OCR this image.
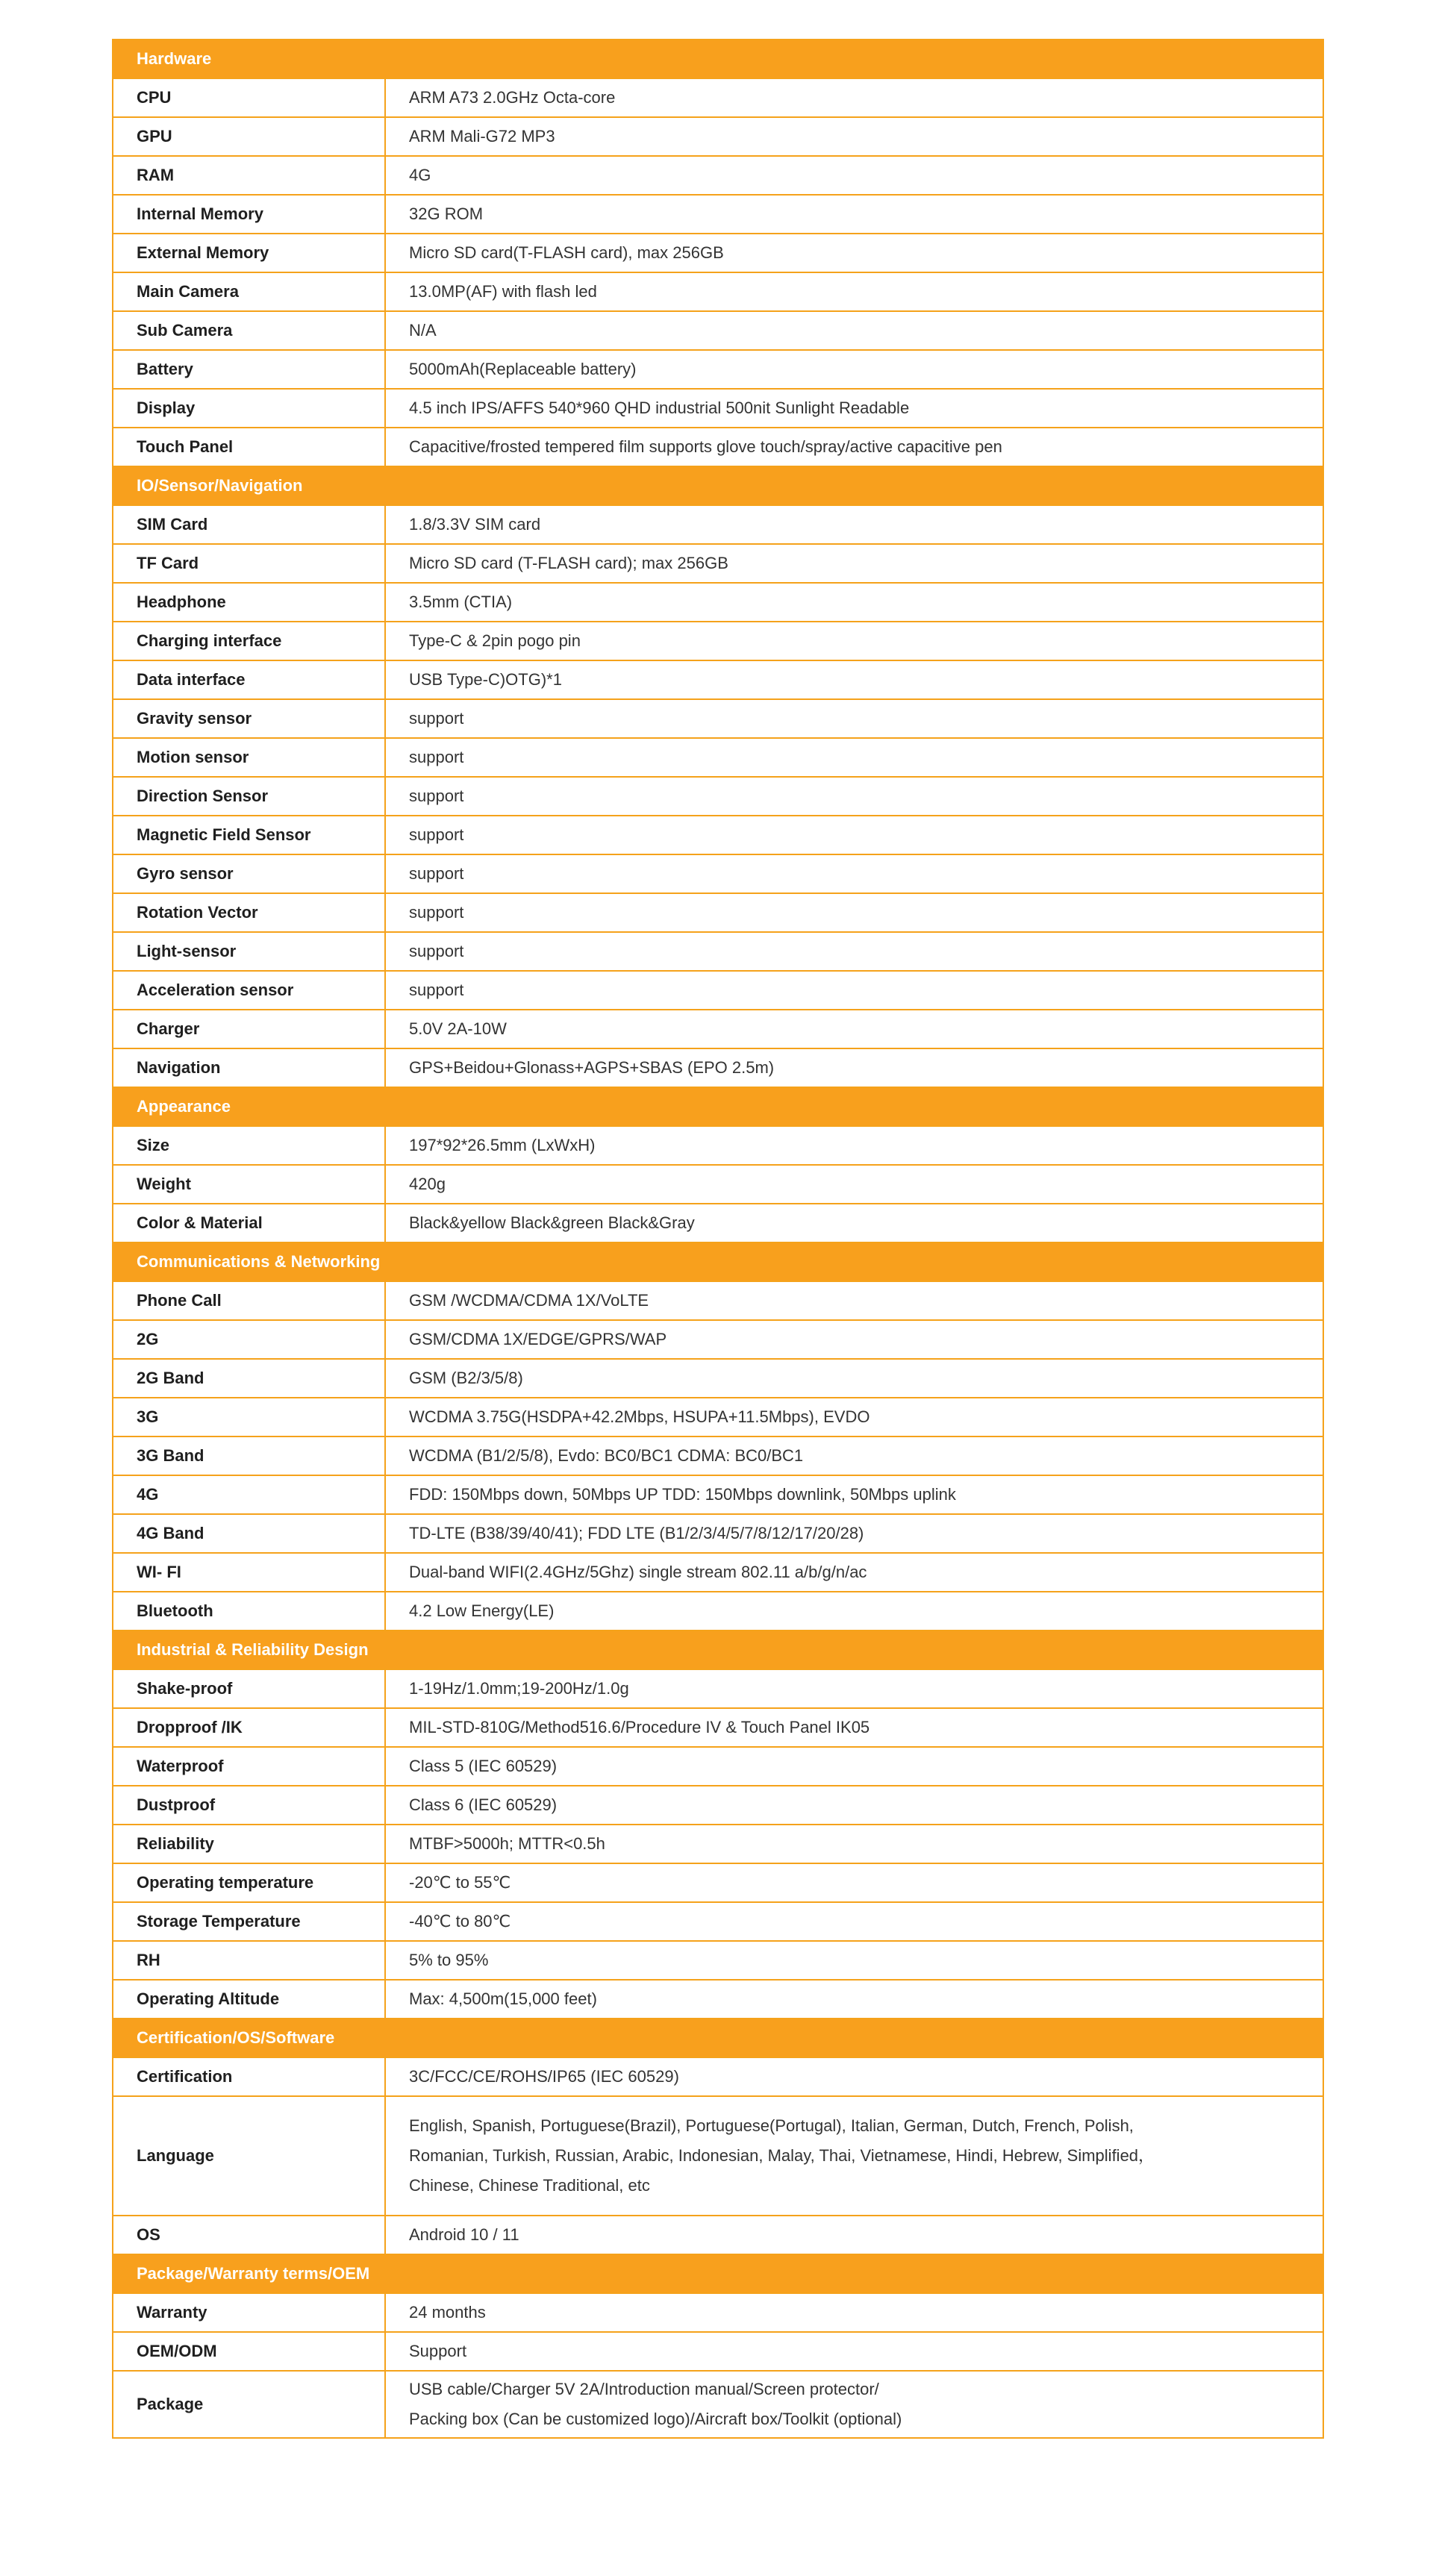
Hardware	
CPU	ARM A73 2.0GHz Octa-core
GPU	ARM Mali-G72 MP3
RAM	4G
Internal Memory	32G ROM
External Memory	Micro SD card(T-FLASH card), max 256GB
Main Camera	13.0MP(AF) with flash led
Sub Camera	N/A
Battery	5000mAh(Replaceable battery)
Display	4.5 inch IPS/AFFS 540*960 QHD industrial 500nit Sunlight Readable
Touch Panel	Capacitive/frosted tempered film supports glove touch/spray/active capacitive pen
IO/Sensor/Navigation	
SIM Card	1.8/3.3V SIM card
TF Card	Micro SD card (T-FLASH card); max 256GB
Headphone	3.5mm (CTIA)
Charging interface	Type-C & 2pin pogo pin
Data interface	USB Type-C)OTG)*1
Gravity sensor	support
Motion sensor	support
Direction Sensor	support
Magnetic Field Sensor	support
Gyro sensor	support
Rotation Vector	support
Light-sensor	support
Acceleration sensor	support
Charger	5.0V 2A-10W
Navigation	GPS+Beidou+Glonass+AGPS+SBAS (EPO 2.5m)
Appearance	
Size	197*92*26.5mm (LxWxH)
Weight	420g
Color & Material	Black&yellow Black&green Black&Gray
Communications & Networking	
Phone Call	GSM /WCDMA/CDMA 1X/VoLTE
2G	GSM/CDMA 1X/EDGE/GPRS/WAP
2G Band	GSM (B2/3/5/8)
3G	WCDMA 3.75G(HSDPA+42.2Mbps, HSUPA+11.5Mbps), EVDO
3G Band	WCDMA (B1/2/5/8), Evdo: BC0/BC1 CDMA: BC0/BC1
4G	FDD: 150Mbps down, 50Mbps UP TDD: 150Mbps downlink, 50Mbps uplink
4G Band	TD-LTE (B38/39/40/41); FDD LTE (B1/2/3/4/5/7/8/12/17/20/28)
WI- FI	Dual-band WIFI(2.4GHz/5Ghz) single stream 802.11 a/b/g/n/ac
Bluetooth	4.2 Low Energy(LE)
Industrial & Reliability Design	
Shake-proof	1-19Hz/1.0mm;19-200Hz/1.0g
Dropproof /IK	MIL-STD-810G/Method516.6/Procedure IV & Touch Panel IK05
Waterproof	Class 5 (IEC 60529)
Dustproof	Class 6 (IEC 60529)
Reliability	MTBF>5000h; MTTR<0.5h
Operating temperature	-20℃ to 55℃
Storage Temperature	-40℃ to 80℃
RH	5% to 95%
Operating Altitude	Max: 4,500m(15,000 feet)
Certification/OS/Software	
Certification	3C/FCC/CE/ROHS/IP65 (IEC 60529)
Language	English, Spanish, Portuguese(Brazil), Portuguese(Portugal), Italian, German, Dutch, French, Polish,
Romanian, Turkish, Russian, Arabic, Indonesian, Malay, Thai, Vietnamese, Hindi, Hebrew, Simplified，
Chinese, Chinese Traditional, etc

OS	Android 10 / 11
Package/Warranty terms/OEM	
Warranty	24 months
OEM/ODM	Support
Package	USB cable/Charger 5V 2A/Introduction manual/Screen protector/
Packing box (Can be customized logo)/Aircraft box/Toolkit (optional)
